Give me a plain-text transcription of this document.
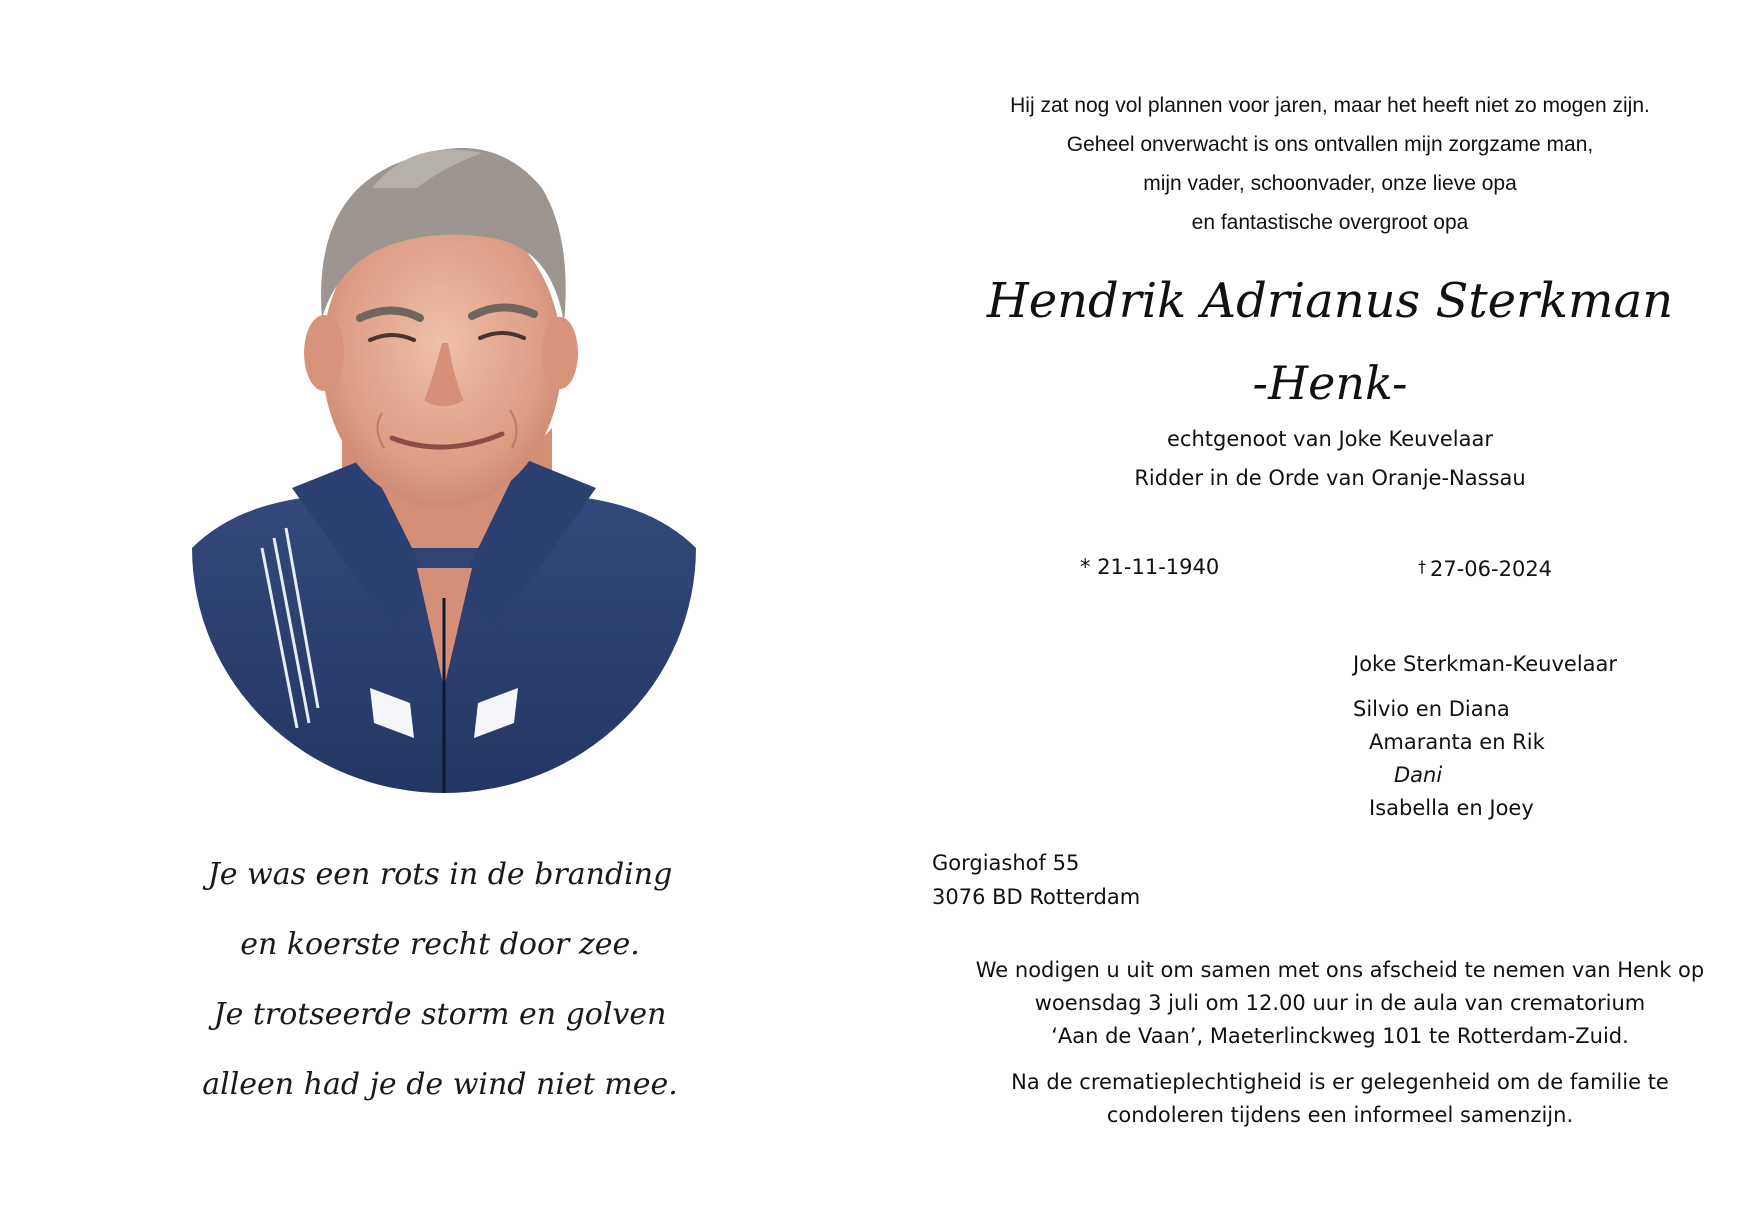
Je was een rots in de branding
en koerste recht door zee.
Je trotseerde storm en golven
alleen had je de wind niet mee.
Hij zat nog vol plannen voor jaren, maar het heeft niet zo mogen zijn.
Geheel onverwacht is ons ontvallen mijn zorgzame man,
mijn vader, schoonvader, onze lieve opa
en fantastische overgroot opa
Hendrik Adrianus Sterkman
-Henk-
echtgenoot van Joke Keuvelaar
Ridder in de Orde van Oranje-Nassau
* 21-11-1940	† 27-06-2024
Joke Sterkman-Keuvelaar
Silvio en Diana
Amaranta en Rik
Dani
Isabella en Joey
Gorgiashof 55
3076 BD Rotterdam
We nodigen u uit om samen met ons afscheid te nemen van Henk op
woensdag 3 juli om 12.00 uur in de aula van crematorium
‘Aan de Vaan’, Maeterlinckweg 101 te Rotterdam-Zuid.
Na de crematieplechtigheid is er gelegenheid om de familie te
condoleren tijdens een informeel samenzijn.
